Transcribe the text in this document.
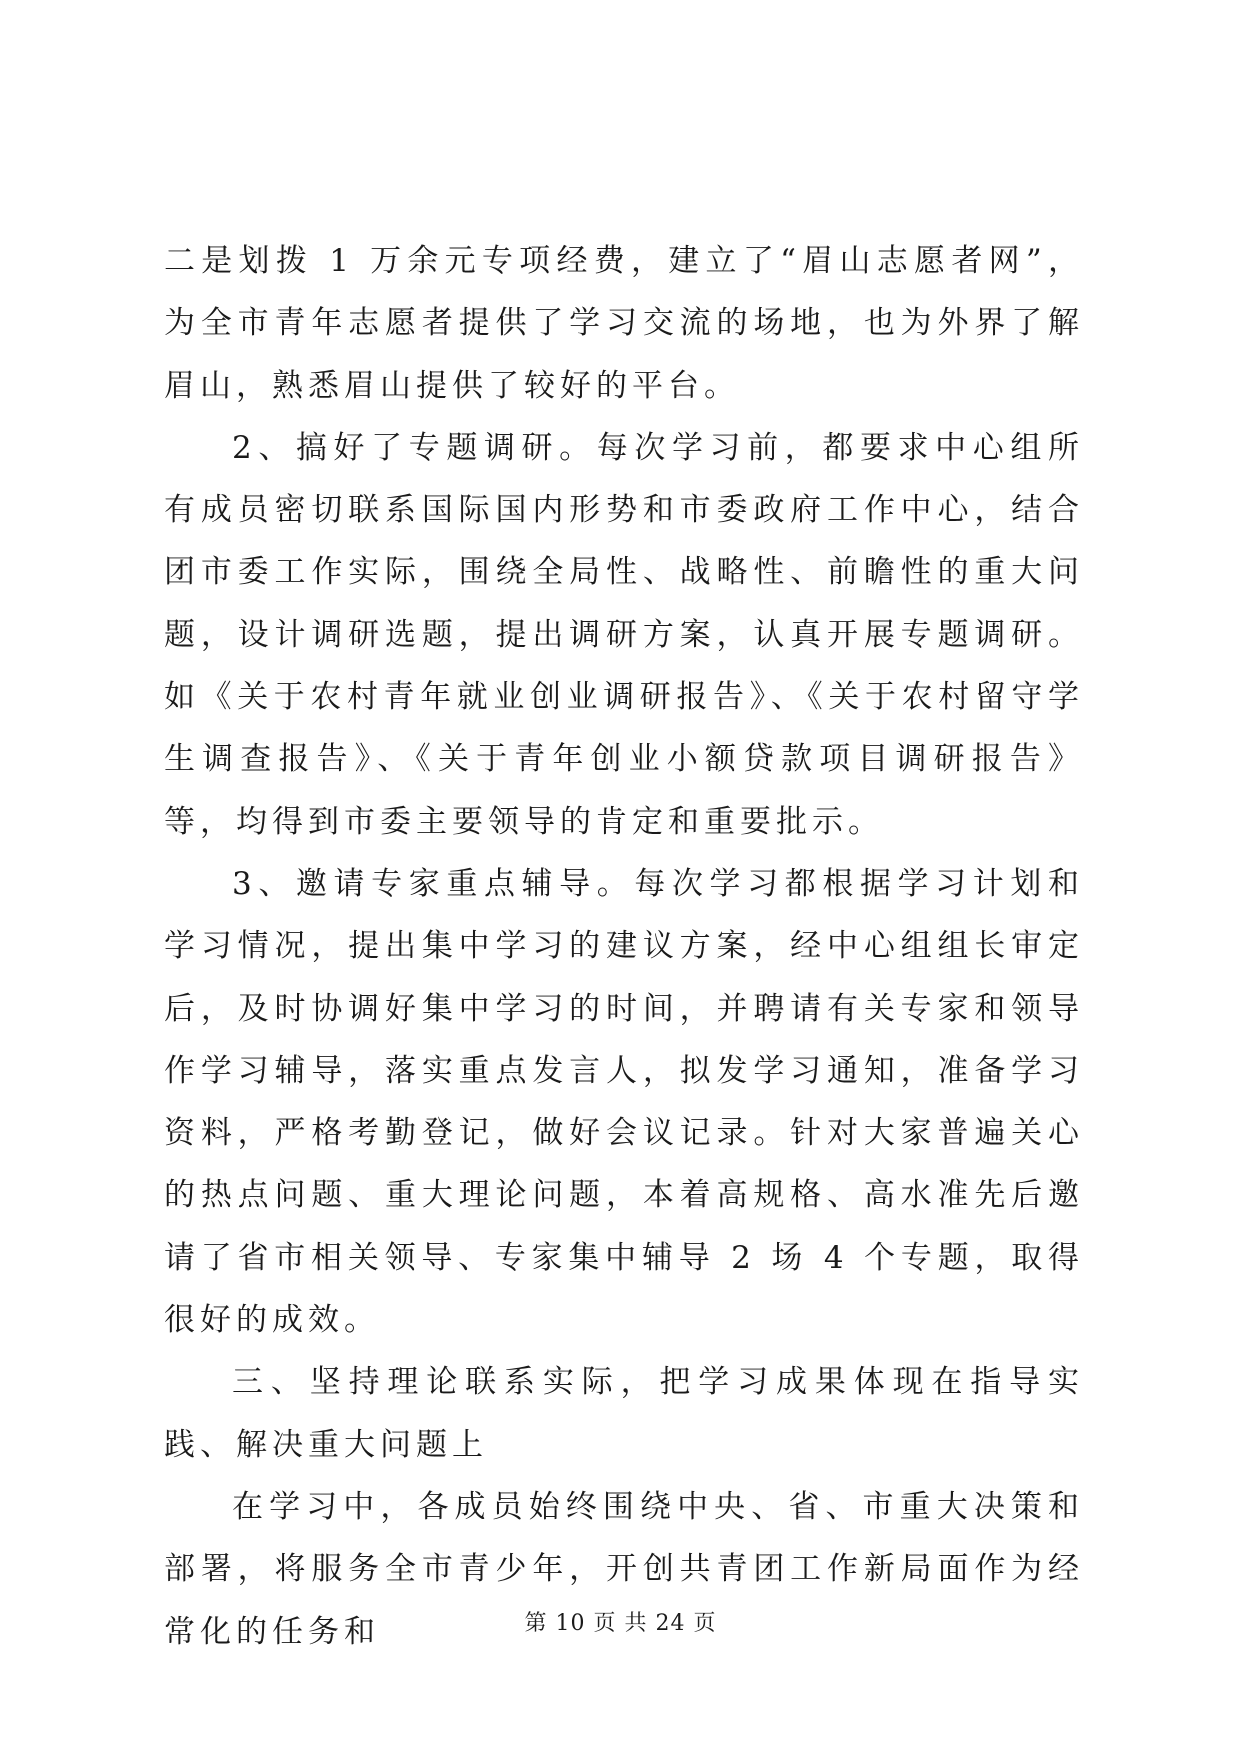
二是划拨 1 万余元专项经费，建立了“眉山志愿者网”，为全市青年志愿者提供了学习交流的场地，也为外界了解眉山，熟悉眉山提供了较好的平台。

2、搞好了专题调研。每次学习前，都要求中心组所有成员密切联系国际国内形势和市委政府工作中心，结合团市委工作实际，围绕全局性、战略性、前瞻性的重大问题，设计调研选题，提出调研方案，认真开展专题调研。如《关于农村青年就业创业调研报告》、《关于农村留守学生调查报告》、《关于青年创业小额贷款项目调研报告》等，均得到市委主要领导的肯定和重要批示。

3、邀请专家重点辅导。每次学习都根据学习计划和学习情况，提出集中学习的建议方案，经中心组组长审定后，及时协调好集中学习的时间，并聘请有关专家和领导作学习辅导，落实重点发言人，拟发学习通知，准备学习资料，严格考勤登记，做好会议记录。针对大家普遍关心的热点问题、重大理论问题，本着高规格、高水准先后邀请了省市相关领导、专家集中辅导 2 场 4 个专题，取得很好的成效。

三、坚持理论联系实际，把学习成果体现在指导实践、解决重大问题上

在学习中，各成员始终围绕中央、省、市重大决策和部署，将服务全市青少年，开创共青团工作新局面作为经常化的任务和	第 10 页 共 24 页
